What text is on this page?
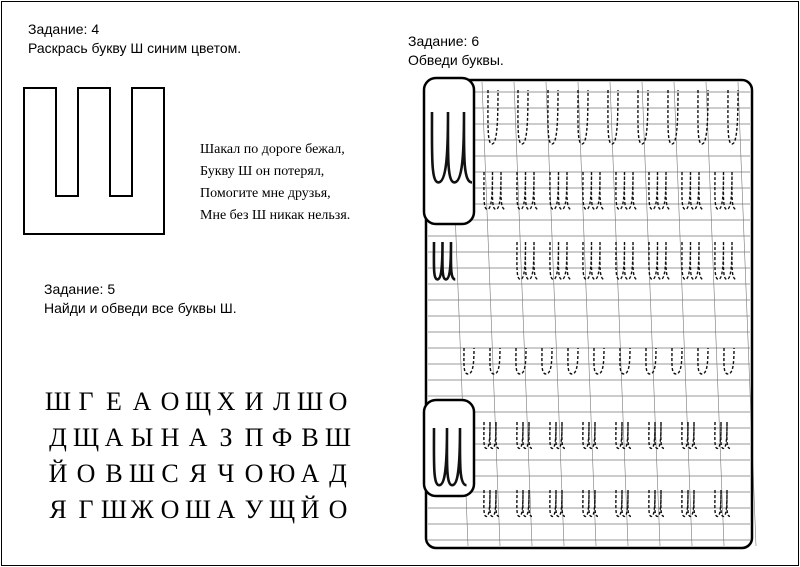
Задание: 4
Раскрась букву Ш синим цветом.
Шакал по дороге бежал,
Букву Ш он потерял,
Помогите мне друзья,
Мне без Ш никак нельзя.
Задание: 5
Найди и обведи все буквы Ш.
Ш Г Е А О Щ Х И Л Ш О
Д Щ А Ы Н А З П Ф В Ш
Й О В Ш С Я Ч О Ю А Д
Я Г Ш Ж О Ш А У Щ Й О
Задание: 6
Обведи буквы.
